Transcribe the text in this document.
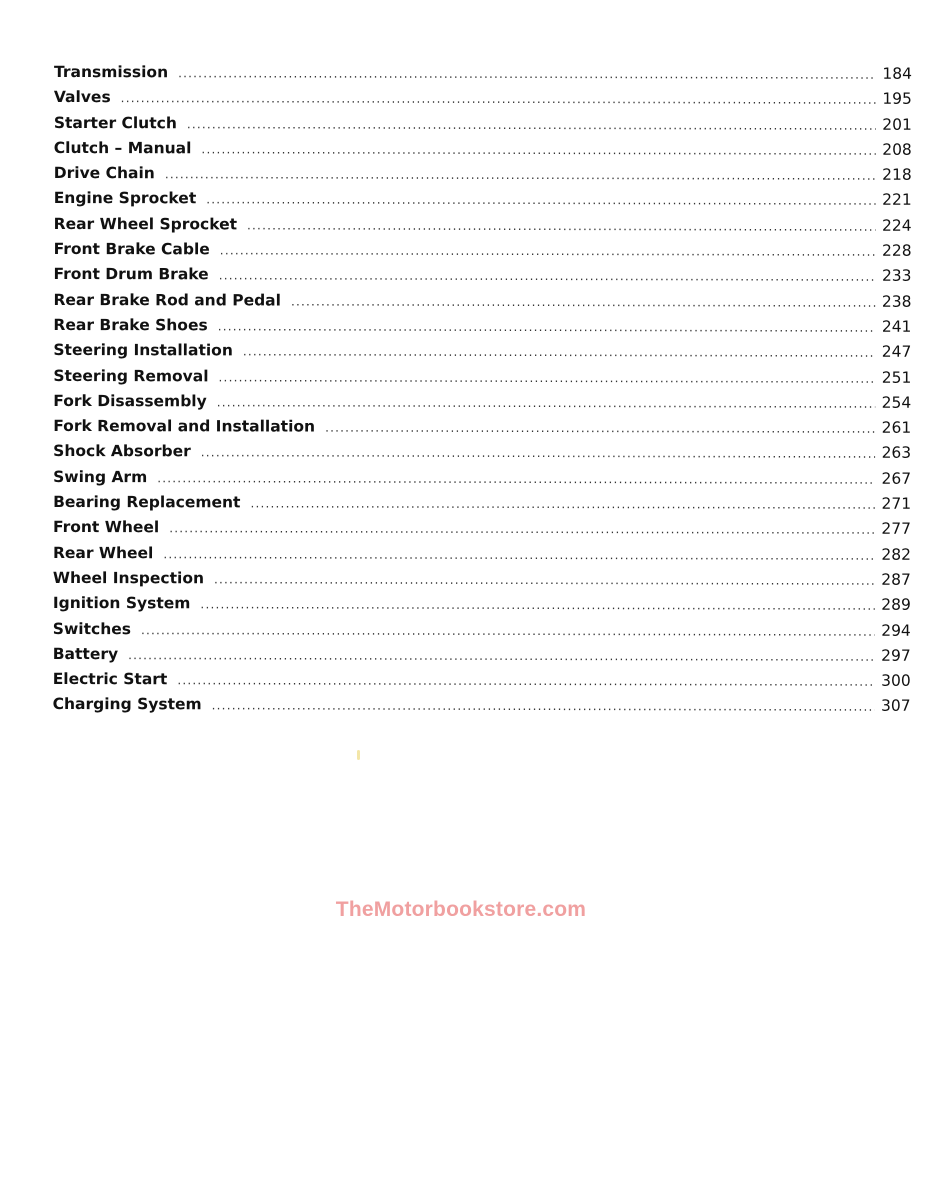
Transmission .....	184
Valves .....	195
Starter Clutch .....	201
Clutch – Manual .....	208
Drive Chain .....	218
Engine Sprocket .....	221
Rear Wheel Sprocket .....	224
Front Brake Cable .....	228
Front Drum Brake .....	233
Rear Brake Rod and Pedal .....	238
Rear Brake Shoes .....	241
Steering Installation .....	247
Steering Removal .....	251
Fork Disassembly .....	254
Fork Removal and Installation .....	261
Shock Absorber .....	263
Swing Arm .....	267
Bearing Replacement .....	271
Front Wheel .....	277
Rear Wheel .....	282
Wheel Inspection .....	287
Ignition System .....	289
Switches .....	294
Battery .....	297
Electric Start .....	300
Charging System .....	307
TheMotorbookstore.com
